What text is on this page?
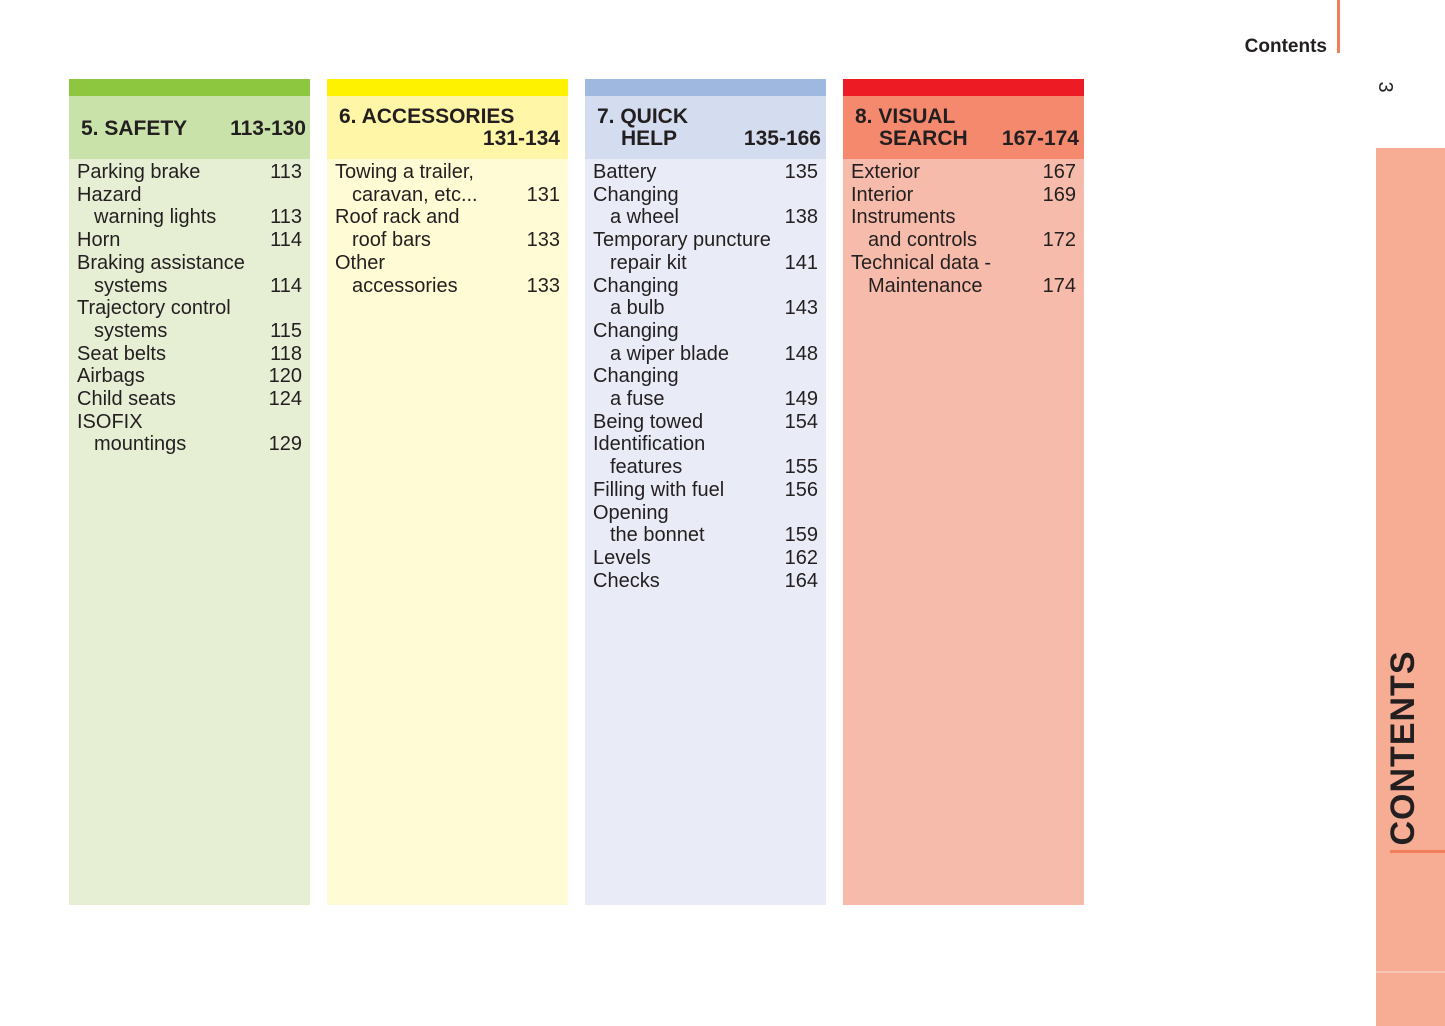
Contents
3
CONTENTS
5. SAFETY 113-130
Parking brake	113
Hazard
warning lights	113
Horn	114
Braking assistance
systems	114
Trajectory control
systems	115
Seat belts	118
Airbags	120
Child seats	124
ISOFIX
mountings	129
6. ACCESSORIES
131-134
Towing a trailer,
caravan, etc... 131
Roof rack and
roof bars	133
Other
accessories	133
7. QUICK
HELP	135-166
Battery	135
Changing
a wheel	138
Temporary puncture
repair kit	141
Changing
a bulb	143
Changing
a wiper blade	148
Changing
a fuse	149
Being towed	154
Identification
features	155
Filling with fuel	156
Opening
the bonnet	159
Levels	162
Checks	164
8. VISUAL
SEARCH 167-174
Exterior	167
Interior	169
Instruments
and controls	172
Technical data -
Maintenance	174
